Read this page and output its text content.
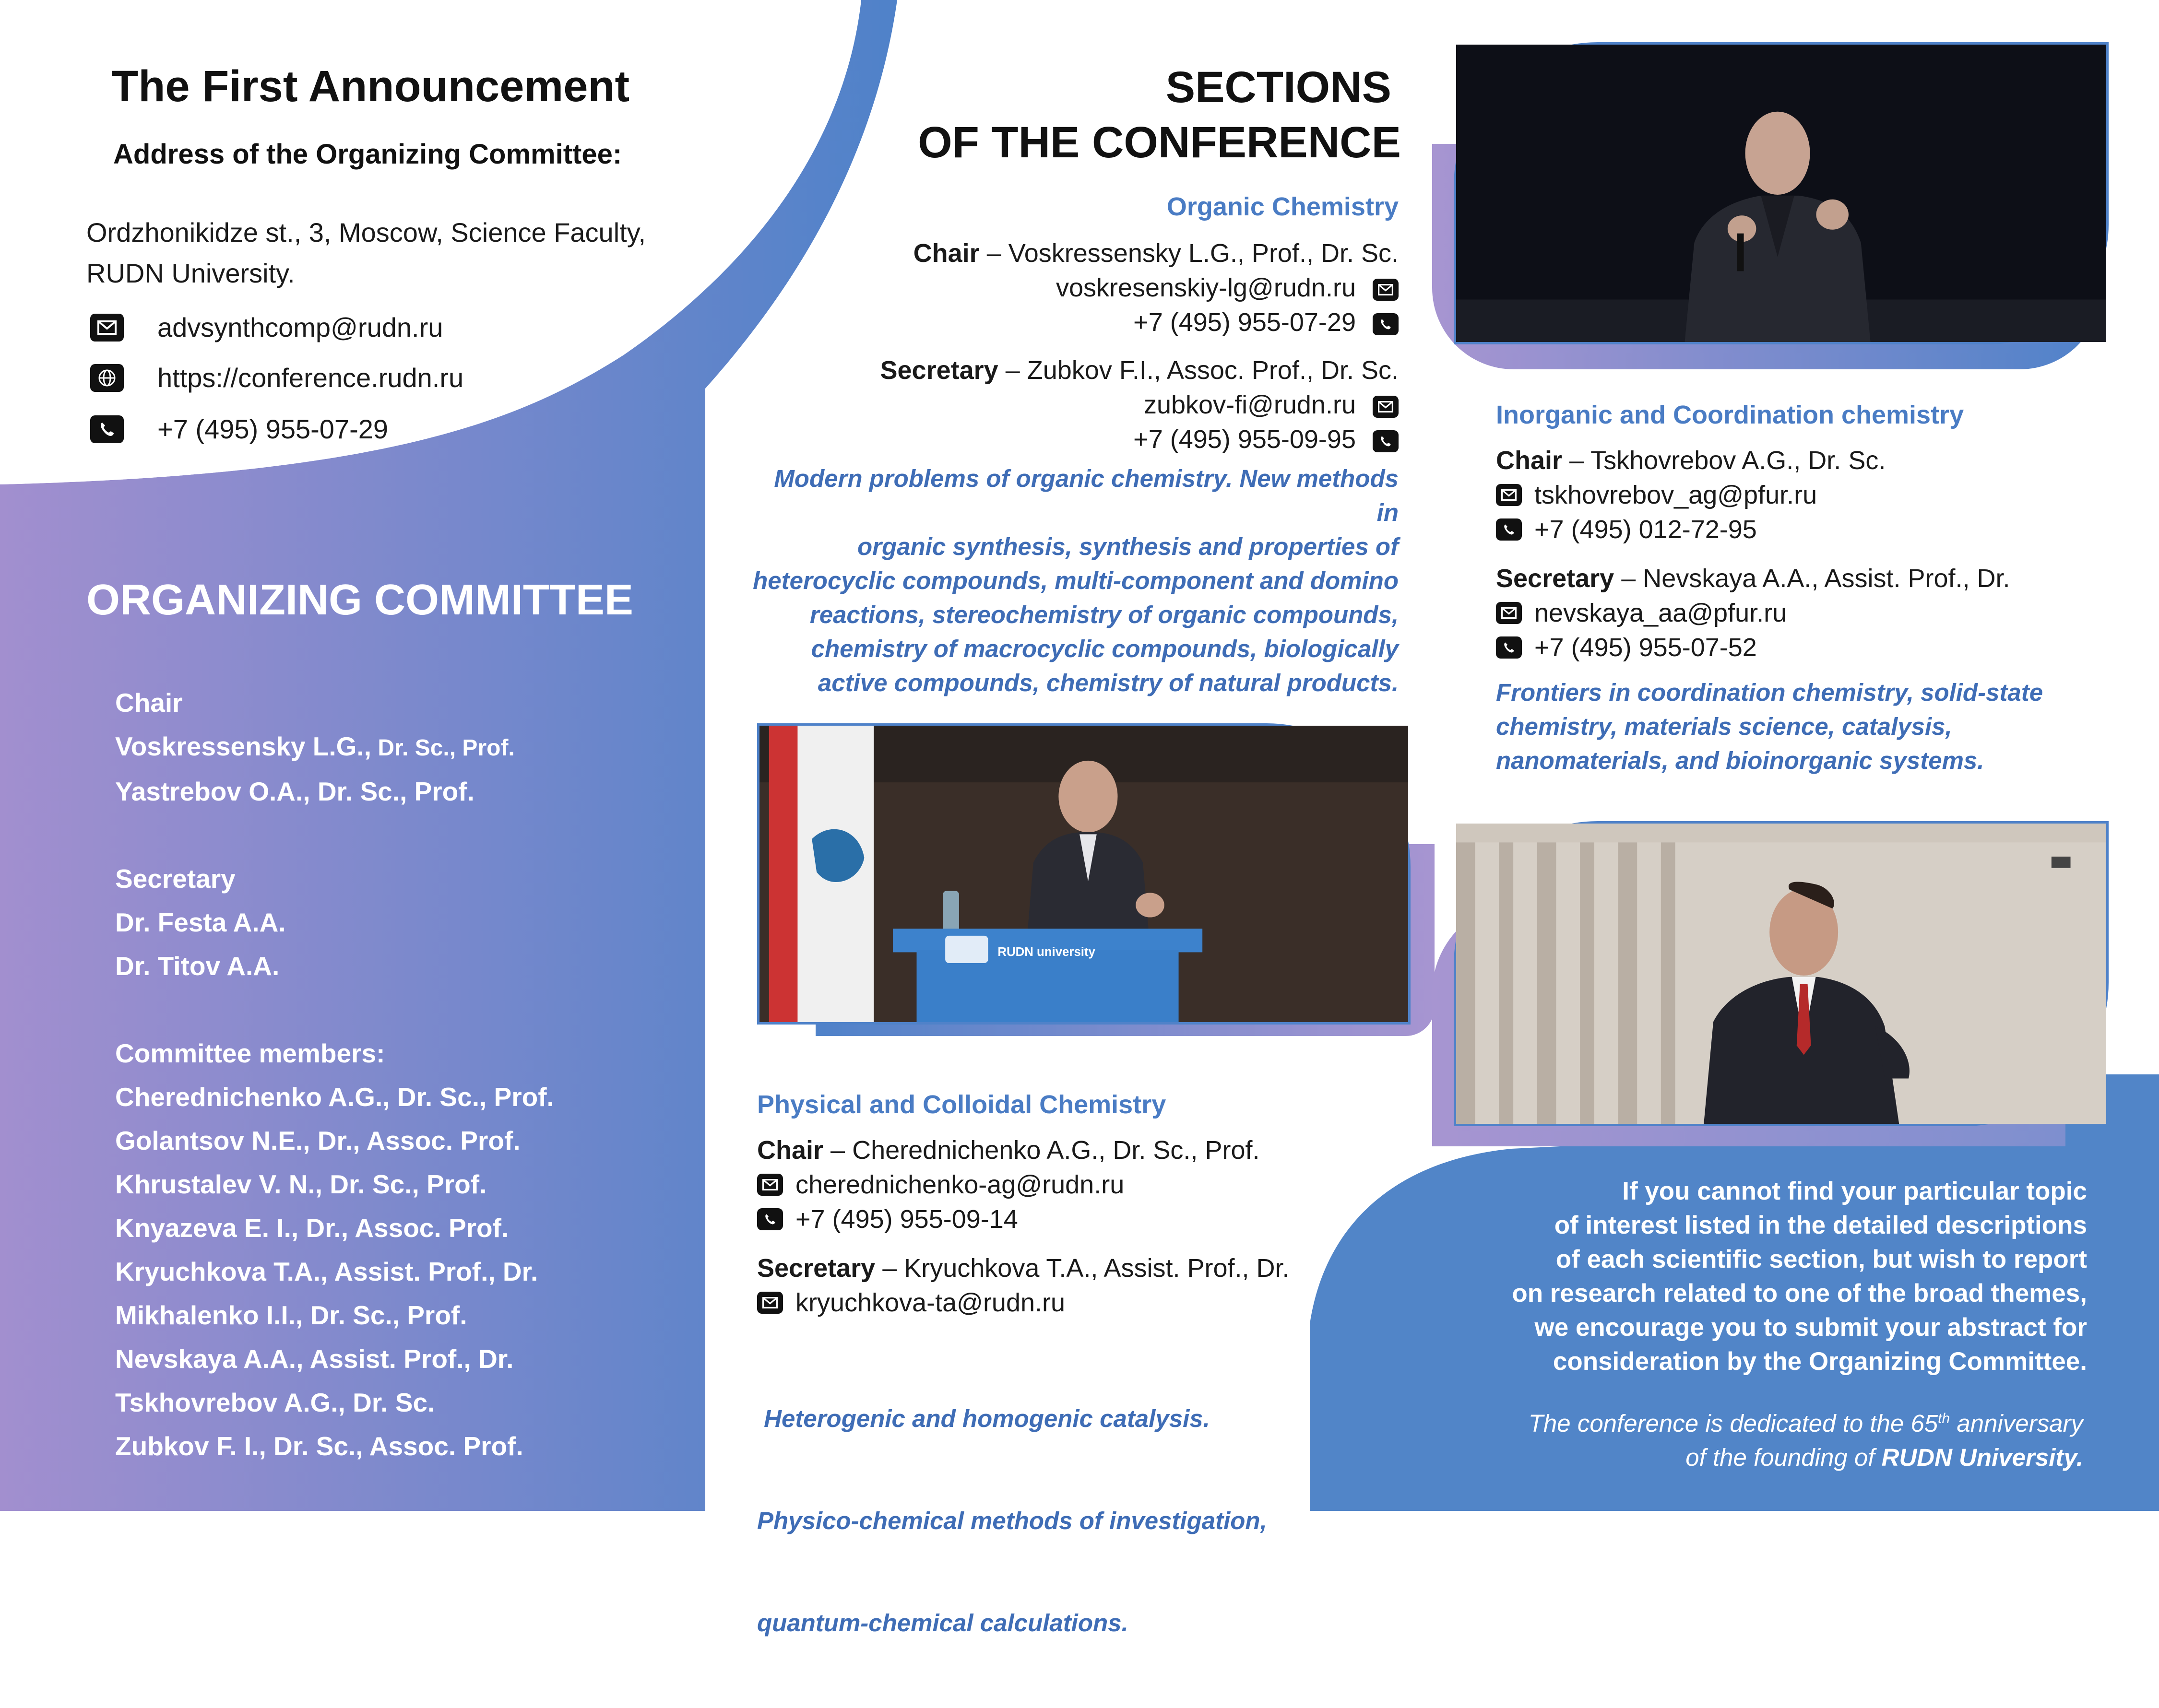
The First Announcement
Address of the Organizing Committee:
Ordzhonikidze st., 3, Moscow, Science Faculty,
RUDN University.
advsynthcomp@rudn.ru
https://conference.rudn.ru
+7 (495) 955-07-29
ORGANIZING COMMITTEE
Chair
Voskressensky L.G., Dr. Sc., Prof.
Yastrebov O.A., Dr. Sc., Prof.

Secretary
Dr. Festa A.A.
Dr. Titov A.A.

Committee members:
Cherednichenko A.G., Dr. Sc., Prof.
Golantsov N.E., Dr., Assoc. Prof.
Khrustalev V. N., Dr. Sc., Prof.
Knyazeva E. I., Dr., Assoc. Prof.
Kryuchkova T.A., Assist. Prof., Dr.
Mikhalenko I.I., Dr. Sc., Prof.
Nevskaya A.A., Assist. Prof., Dr.
Tskhovrebov A.G., Dr. Sc.
Zubkov F. I., Dr. Sc., Assoc. Prof.
SECTIONS
OF THE CONFERENCE
Organic Chemistry
Chair – Voskressensky L.G., Prof., Dr. Sc.
voskresenskiy-lg@rudn.ru
+7 (495) 955-07-29
Secretary – Zubkov F.I., Assoc. Prof., Dr. Sc.
zubkov-fi@rudn.ru
+7 (495) 955-09-95
Modern problems of organic chemistry. New methods in
organic synthesis, synthesis and properties of
heterocyclic compounds, multi-component and domino
reactions, stereochemistry of organic compounds,
chemistry of macrocyclic compounds, biologically
active compounds, chemistry of natural products.
Inorganic and Coordination chemistry
Chair – Tskhovrebov A.G., Dr. Sc.
tskhovrebov_ag@pfur.ru
+7 (495) 012-72-95
Secretary – Nevskaya A.A., Assist. Prof., Dr.
nevskaya_aa@pfur.ru
+7 (495) 955-07-52
Frontiers in coordination chemistry, solid-state
chemistry, materials science, catalysis,
nanomaterials, and bioinorganic systems.
RUDN university
Physical and Colloidal Chemistry
Chair – Cherednichenko A.G., Dr. Sc., Prof.
cherednichenko-ag@rudn.ru
+7 (495) 955-09-14
Secretary – Kryuchkova T.A., Assist. Prof., Dr.
kryuchkova-ta@rudn.ru

Heterogenic and homogenic catalysis.

Physico-chemical methods of investigation,

quantum-chemical calculations.

If you cannot find your particular topic
of interest listed in the detailed descriptions
of each scientific section, but wish to report
on research related to one of the broad themes,
we encourage you to submit your abstract for
consideration by the Organizing Committee.
The conference is dedicated to the 65th anniversary
of the founding of RUDN University.
